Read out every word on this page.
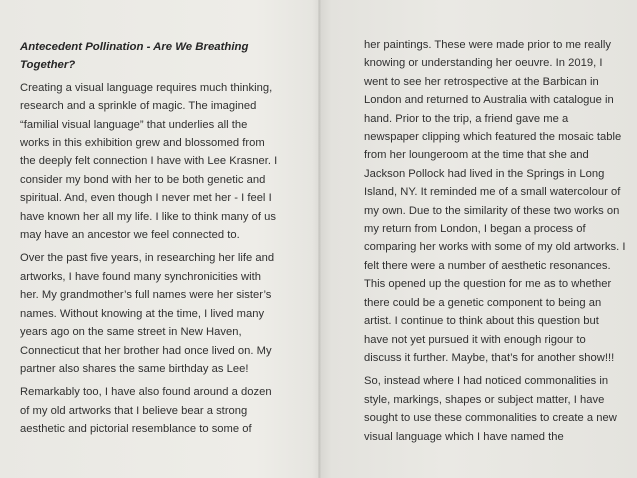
Antecedent Pollination - Are We Breathing Together?

Creating a visual language requires much thinking, research and a sprinkle of magic. The imagined “familial visual language” that underlies all the works in this exhibition grew and blossomed from the deeply felt connection I have with Lee Krasner. I consider my bond with her to be both genetic and spiritual. And, even though I never met her - I feel I have known her all my life. I like to think many of us may have an ancestor we feel connected to.

Over the past five years, in researching her life and artworks, I have found many synchronicities with her. My grandmother’s full names were her sister’s names. Without knowing at the time, I lived many years ago on the same street in New Haven, Connecticut that her brother had once lived on. My partner also shares the same birthday as Lee!

Remarkably too, I have also found around a dozen of my old artworks that I believe bear a strong aesthetic and pictorial resemblance to some of

her paintings. These were made prior to me really knowing or understanding her oeuvre. In 2019, I went to see her retrospective at the Barbican in London and returned to Australia with catalogue in hand. Prior to the trip, a friend gave me a newspaper clipping which featured the mosaic table from her loungeroom at the time that she and Jackson Pollock had lived in the Springs in Long Island, NY. It reminded me of a small watercolour of my own. Due to the similarity of these two works on my return from London, I began a process of comparing her works with some of my old artworks. I felt there were a number of aesthetic resonances. This opened up the question for me as to whether there could be a genetic component to being an artist. I continue to think about this question but have not yet pursued it with enough rigour to discuss it further. Maybe, that’s for another show!!!

So, instead where I had noticed commonalities in style, markings, shapes or subject matter, I have sought to use these commonalities to create a new visual language which I have named the
